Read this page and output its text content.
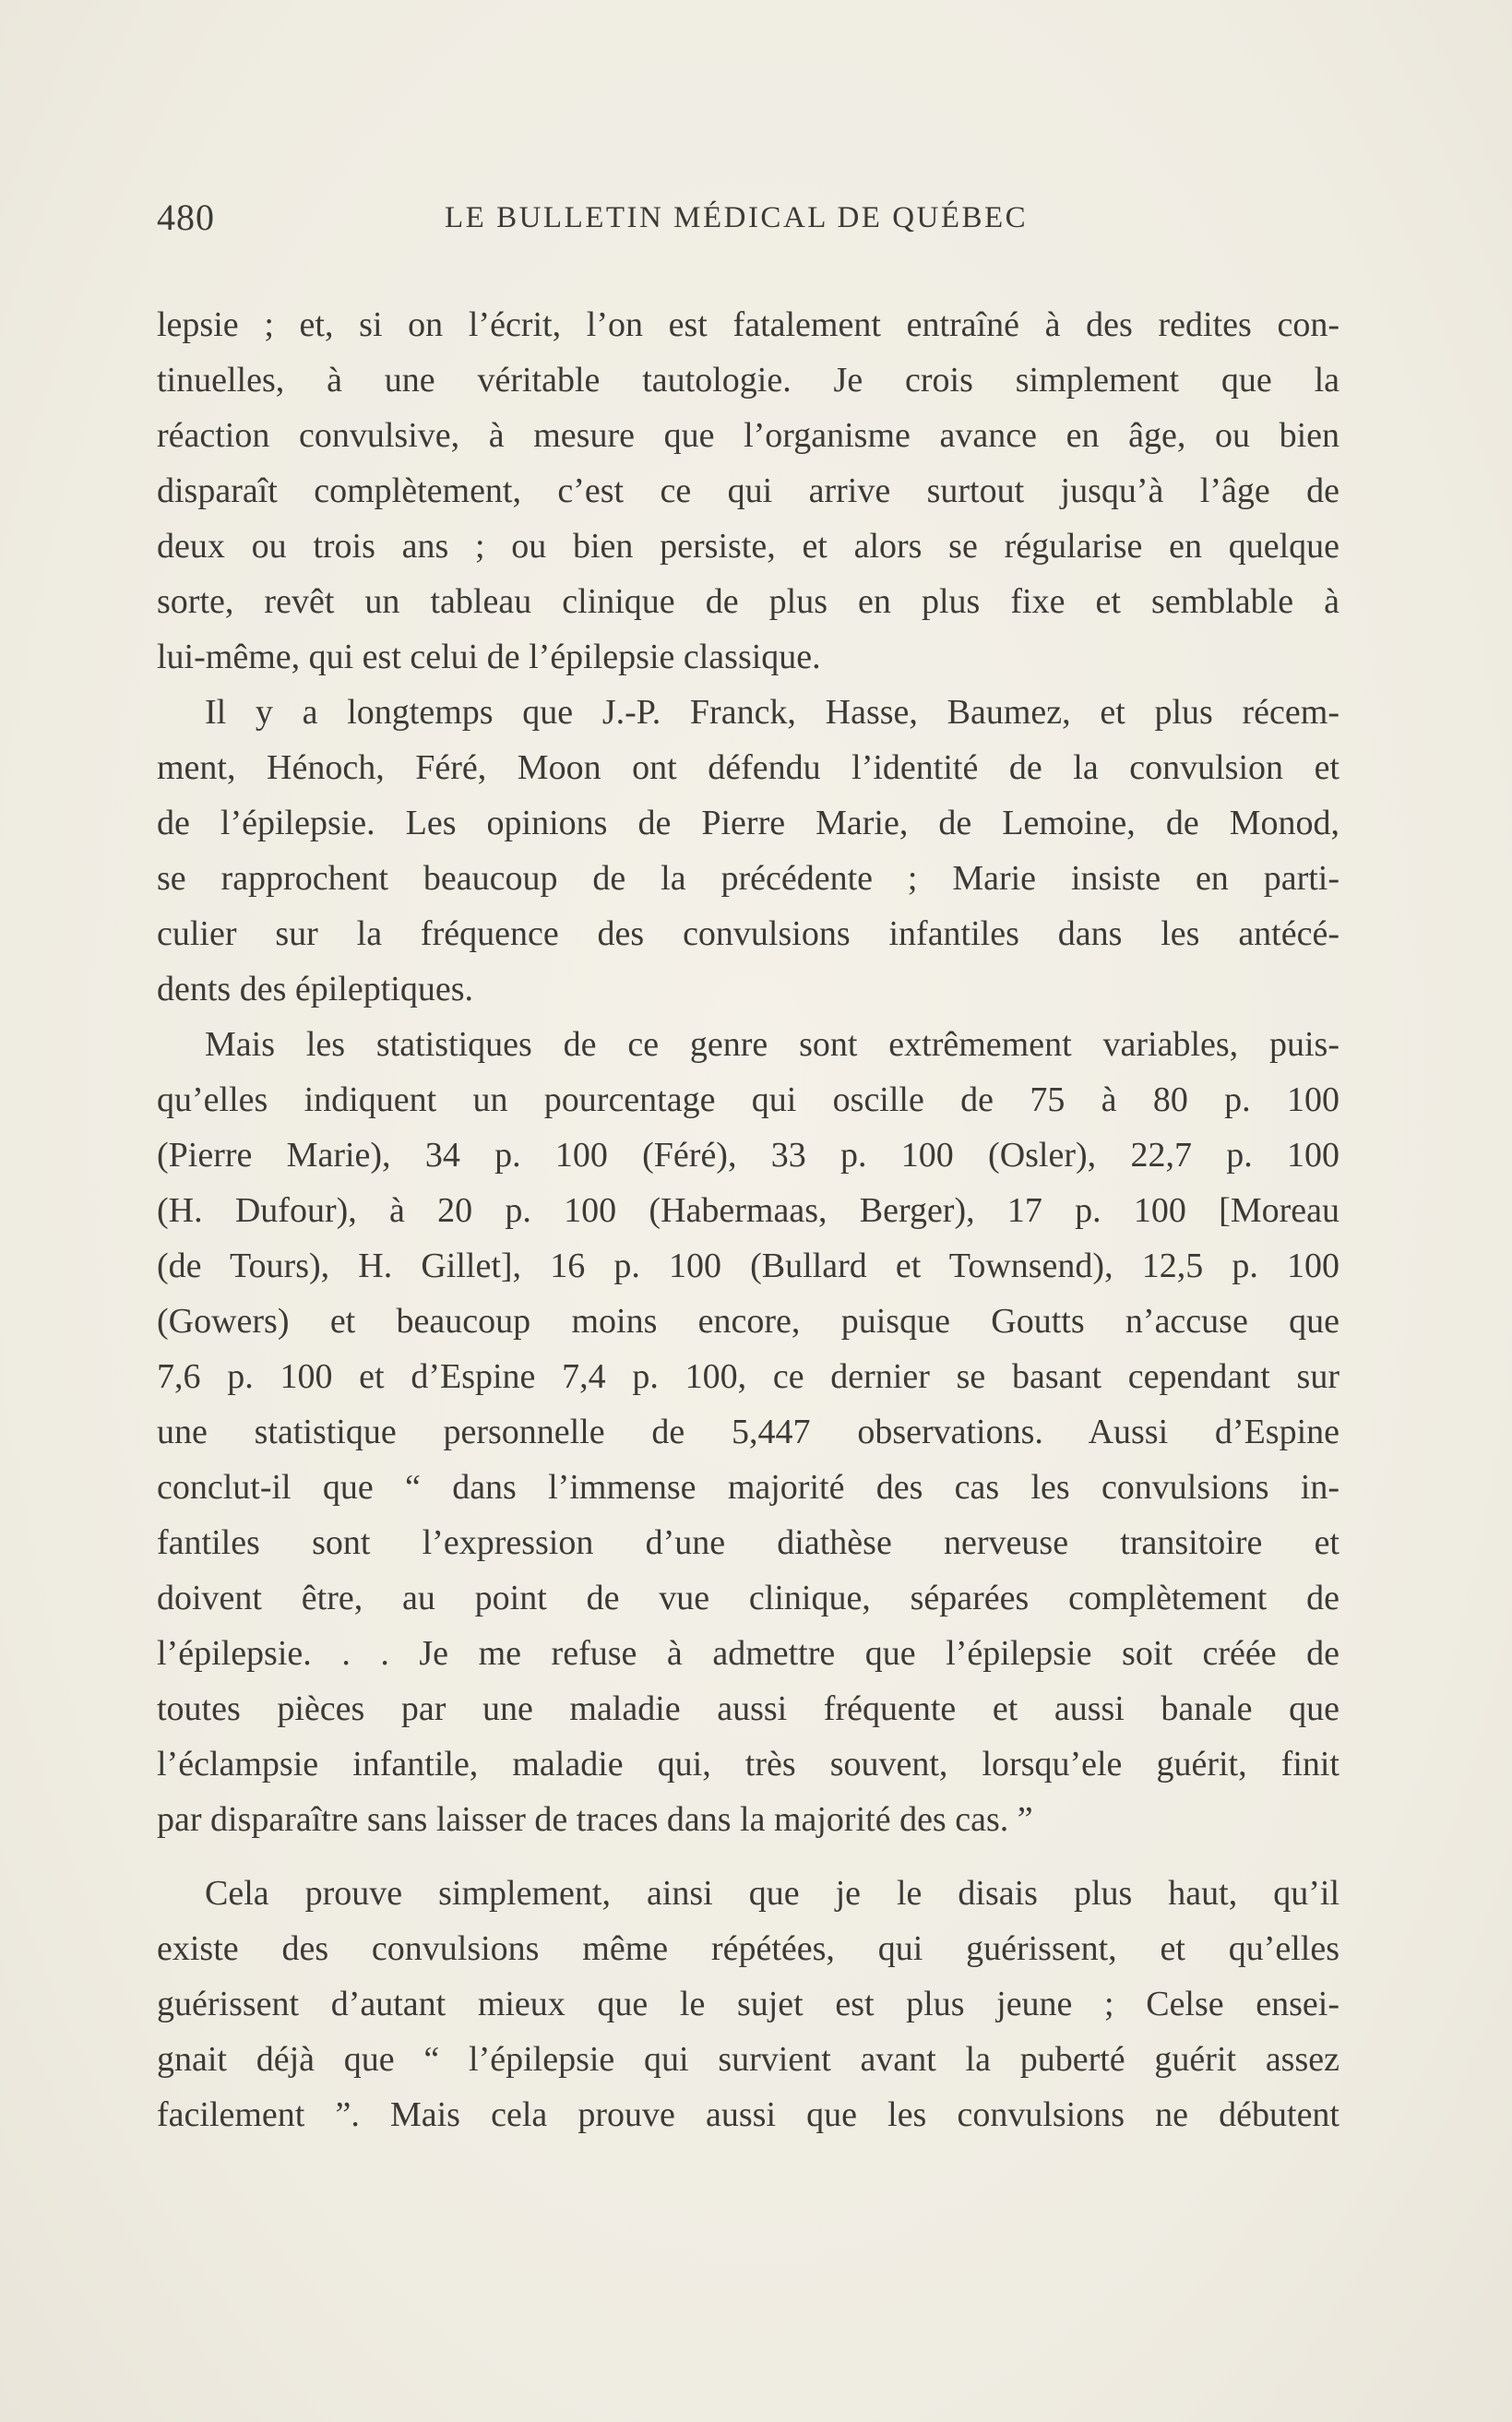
480	LE BULLETIN MÉDICAL DE QUÉBEC
lepsie ; et, si on l’écrit, l’on est fatalement entraîné à des redites con-
tinuelles, à une véritable tautologie. Je crois simplement que la
réaction convulsive, à mesure que l’organisme avance en âge, ou bien
disparaît complètement, c’est ce qui arrive surtout jusqu’à l’âge de
deux ou trois ans ; ou bien persiste, et alors se régularise en quelque
sorte, revêt un tableau clinique de plus en plus fixe et semblable à
lui-même, qui est celui de l’épilepsie classique.
Il y a longtemps que J.-P. Franck, Hasse, Baumez, et plus récem-
ment, Hénoch, Féré, Moon ont défendu l’identité de la convulsion et
de l’épilepsie. Les opinions de Pierre Marie, de Lemoine, de Monod,
se rapprochent beaucoup de la précédente ; Marie insiste en parti-
culier sur la fréquence des convulsions infantiles dans les antécé-
dents des épileptiques.
Mais les statistiques de ce genre sont extrêmement variables, puis-
qu’elles indiquent un pourcentage qui oscille de 75 à 80 p. 100
(Pierre Marie), 34 p. 100 (Féré), 33 p. 100 (Osler), 22,7 p. 100
(H. Dufour), à 20 p. 100 (Habermaas, Berger), 17 p. 100 [Moreau
(de Tours), H. Gillet], 16 p. 100 (Bullard et Townsend), 12,5 p. 100
(Gowers) et beaucoup moins encore, puisque Goutts n’accuse que
7,6 p. 100 et d’Espine 7,4 p. 100, ce dernier se basant cependant sur
une statistique personnelle de 5,447 observations. Aussi d’Espine
conclut-il que “ dans l’immense majorité des cas les convulsions in-
fantiles sont l’expression d’une diathèse nerveuse transitoire et
doivent être, au point de vue clinique, séparées complètement de
l’épilepsie. . . Je me refuse à admettre que l’épilepsie soit créée de
toutes pièces par une maladie aussi fréquente et aussi banale que
l’éclampsie infantile, maladie qui, très souvent, lorsqu’ele guérit, finit
par disparaître sans laisser de traces dans la majorité des cas. ”
Cela prouve simplement, ainsi que je le disais plus haut, qu’il
existe des convulsions même répétées, qui guérissent, et qu’elles
guérissent d’autant mieux que le sujet est plus jeune ; Celse ensei-
gnait déjà que “ l’épilepsie qui survient avant la puberté guérit assez
facilement ”. Mais cela prouve aussi que les convulsions ne débutent
